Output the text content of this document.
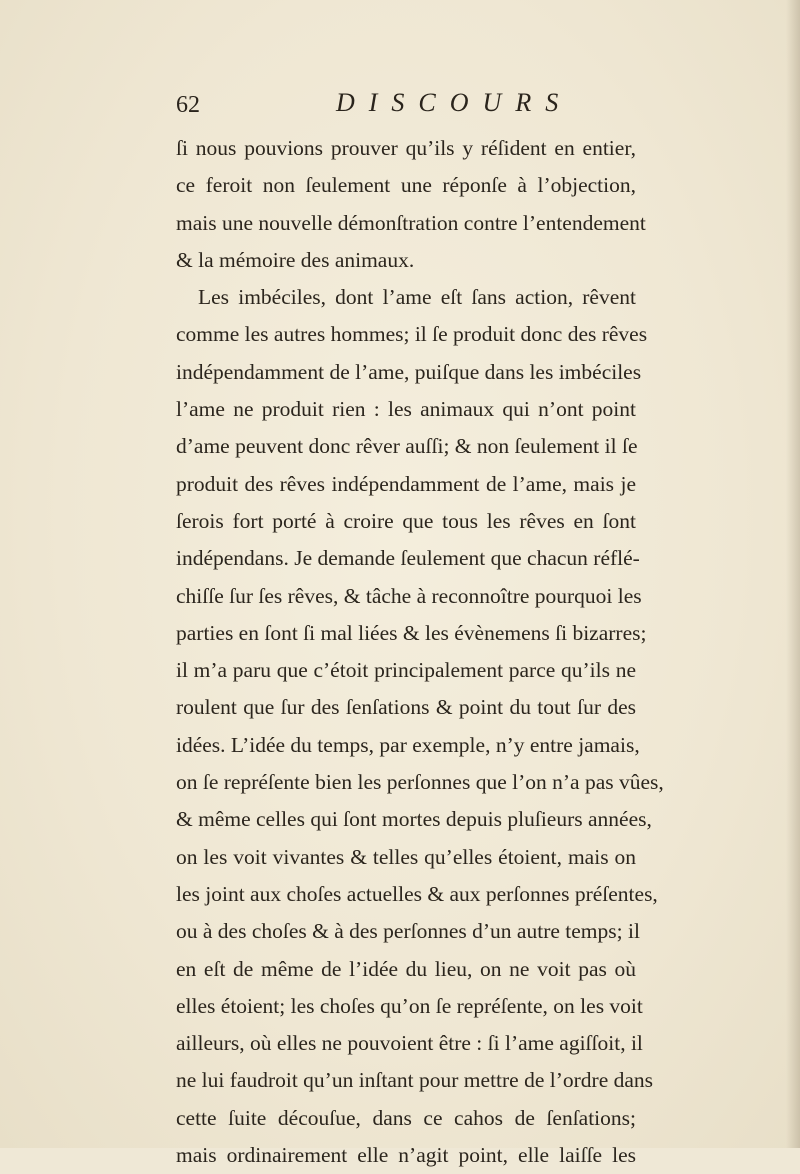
62	DISCOURS
ſi nous pouvions prouver qu’ils y réſident en entier,
ce feroit non ſeulement une réponſe à l’objection,
mais une nouvelle démonſtration contre l’entendement
& la mémoire des animaux.
Les imbéciles, dont l’ame eſt ſans action, rêvent
comme les autres hommes; il ſe produit donc des rêves
indépendamment de l’ame, puiſque dans les imbéciles
l’ame ne produit rien : les animaux qui n’ont point
d’ame peuvent donc rêver auſſi; & non ſeulement il ſe
produit des rêves indépendamment de l’ame, mais je
ſerois fort porté à croire que tous les rêves en ſont
indépendans. Je demande ſeulement que chacun réflé-
chiſſe ſur ſes rêves, & tâche à reconnoître pourquoi les
parties en ſont ſi mal liées & les évènemens ſi bizarres;
il m’a paru que c’étoit principalement parce qu’ils ne
roulent que ſur des ſenſations & point du tout ſur des
idées. L’idée du temps, par exemple, n’y entre jamais,
on ſe repréſente bien les perſonnes que l’on n’a pas vûes,
& même celles qui ſont mortes depuis pluſieurs années,
on les voit vivantes & telles qu’elles étoient, mais on
les joint aux choſes actuelles & aux perſonnes préſentes,
ou à des choſes & à des perſonnes d’un autre temps; il
en eſt de même de l’idée du lieu, on ne voit pas où
elles étoient; les choſes qu’on ſe repréſente, on les voit
ailleurs, où elles ne pouvoient être : ſi l’ame agiſſoit, il
ne lui faudroit qu’un inſtant pour mettre de l’ordre dans
cette ſuite découſue, dans ce cahos de ſenſations;
mais ordinairement elle n’agit point, elle laiſſe les
